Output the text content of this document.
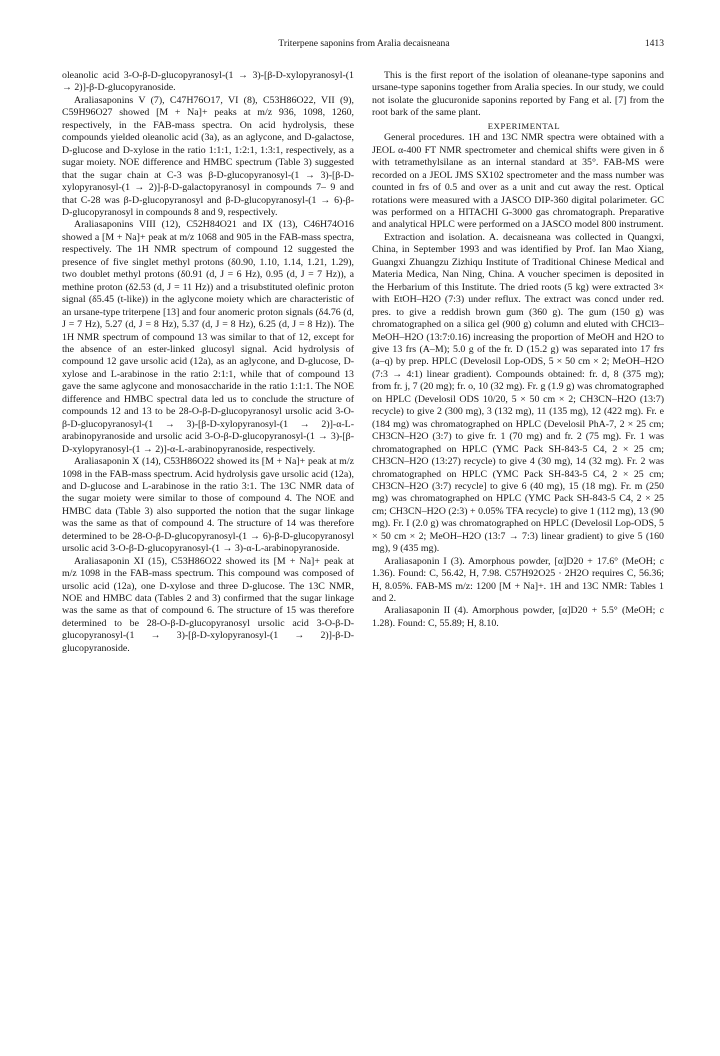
Triterpene saponins from Aralia decaisneana	1413

oleanolic acid 3-O-β-D-glucopyranosyl-(1 → 3)-[β-D-xylopyranosyl-(1 → 2)]-β-D-glucopyranoside.

Araliasaponins V (7), C47H76O17, VI (8), C53H86O22, VII (9), C59H96O27 showed [M + Na]+ peaks at m/z 936, 1098, 1260, respectively, in the FAB-mass spectra. On acid hydrolysis, these compounds yielded oleanolic acid (3a), as an aglycone, and D-galactose, D-glucose and D-xylose in the ratio 1:1:1, 1:2:1, 1:3:1, respectively, as a sugar moiety. NOE difference and HMBC spectrum (Table 3) suggested that the sugar chain at C-3 was β-D-glucopyranosyl-(1 → 3)-[β-D-xylopyranosyl-(1 → 2)]-β-D-galactopyranosyl in compounds 7– 9 and that C-28 was β-D-glucopyranosyl and β-D-glucopyranosyl-(1 → 6)-β-D-glucopyranosyl in compounds 8 and 9, respectively.

Araliasaponins VIII (12), C52H84O21 and IX (13), C46H74O16 showed a [M + Na]+ peak at m/z 1068 and 905 in the FAB-mass spectra, respectively. The 1H NMR spectrum of compound 12 suggested the presence of five singlet methyl protons (δ0.90, 1.10, 1.14, 1.21, 1.29), two doublet methyl protons (δ0.91 (d, J = 6 Hz), 0.95 (d, J = 7 Hz)), a methine proton (δ2.53 (d, J = 11 Hz)) and a trisubstituted olefinic proton signal (δ5.45 (t-like)) in the aglycone moiety which are characteristic of an ursane-type triterpene [13] and four anomeric proton signals (δ4.76 (d, J = 7 Hz), 5.27 (d, J = 8 Hz), 5.37 (d, J = 8 Hz), 6.25 (d, J = 8 Hz)). The 1H NMR spectrum of compound 13 was similar to that of 12, except for the absence of an ester-linked glucosyl signal. Acid hydrolysis of compound 12 gave ursolic acid (12a), as an aglycone, and D-glucose, D-xylose and L-arabinose in the ratio 2:1:1, while that of compound 13 gave the same aglycone and monosaccharide in the ratio 1:1:1. The NOE difference and HMBC spectral data led us to conclude the structure of compounds 12 and 13 to be 28-O-β-D-glucopyranosyl ursolic acid 3-O-β-D-glucopyranosyl-(1 → 3)-[β-D-xylopyranosyl-(1 → 2)]-α-L-arabinopyranoside and ursolic acid 3-O-β-D-glucopyranosyl-(1 → 3)-[β-D-xylopyranosyl-(1 → 2)]-α-L-arabinopyranoside, respectively.

Araliasaponin X (14), C53H86O22 showed its [M + Na]+ peak at m/z 1098 in the FAB-mass spectrum. Acid hydrolysis gave ursolic acid (12a), and D-glucose and L-arabinose in the ratio 3:1. The 13C NMR data of the sugar moiety were similar to those of compound 4. The NOE and HMBC data (Table 3) also supported the notion that the sugar linkage was the same as that of compound 4. The structure of 14 was therefore determined to be 28-O-β-D-glucopyranosyl-(1 → 6)-β-D-glucopyranosyl ursolic acid 3-O-β-D-glucopyranosyl-(1 → 3)-α-L-arabinopyranoside.

Araliasaponin XI (15), C53H86O22 showed its [M + Na]+ peak at m/z 1098 in the FAB-mass spectrum. This compound was composed of ursolic acid (12a), one D-xylose and three D-glucose. The 13C NMR, NOE and HMBC data (Tables 2 and 3) confirmed that the sugar linkage was the same as that of compound 6. The structure of 15 was therefore determined to be 28-O-β-D-glucopyranosyl ursolic acid 3-O-β-D-glucopyranosyl-(1 → 3)-[β-D-xylopyranosyl-(1 → 2)]-β-D-glucopyranoside.

This is the first report of the isolation of oleanane-type saponins and ursane-type saponins together from Aralia species. In our study, we could not isolate the glucuronide saponins reported by Fang et al. [7] from the root bark of the same plant.

EXPERIMENTAL

General procedures. 1H and 13C NMR spectra were obtained with a JEOL α-400 FT NMR spectrometer and chemical shifts were given in δ with tetramethylsilane as an internal standard at 35°. FAB-MS were recorded on a JEOL JMS SX102 spectrometer and the mass number was counted in frs of 0.5 and over as a unit and cut away the rest. Optical rotations were measured with a JASCO DIP-360 digital polarimeter. GC was performed on a HITACHI G-3000 gas chromatograph. Preparative and analytical HPLC were performed on a JASCO model 800 instrument.

Extraction and isolation. A. decaisneana was collected in Quangxi, China, in September 1993 and was identified by Prof. Ian Mao Xiang, Guangxi Zhuangzu Zizhiqu Institute of Traditional Chinese Medical and Materia Medica, Nan Ning, China. A voucher specimen is deposited in the Herbarium of this Institute. The dried roots (5 kg) were extracted 3× with EtOH–H2O (7:3) under reflux. The extract was concd under red. pres. to give a reddish brown gum (360 g). The gum (150 g) was chromatographed on a silica gel (900 g) column and eluted with CHCl3–MeOH–H2O (13:7:0.16) increasing the proportion of MeOH and H2O to give 13 frs (A–M); 5.0 g of the fr. D (15.2 g) was separated into 17 frs (a–q) by prep. HPLC (Develosil Lop-ODS, 5 × 50 cm × 2; MeOH–H2O (7:3 → 4:1) linear gradient). Compounds obtained: fr. d, 8 (375 mg); from fr. j, 7 (20 mg); fr. o, 10 (32 mg). Fr. g (1.9 g) was chromatographed on HPLC (Develosil ODS 10/20, 5 × 50 cm × 2; CH3CN–H2O (13:7) recycle) to give 2 (300 mg), 3 (132 mg), 11 (135 mg), 12 (422 mg). Fr. e (184 mg) was chromatographed on HPLC (Develosil PhA-7, 2 × 25 cm; CH3CN–H2O (3:7) to give fr. 1 (70 mg) and fr. 2 (75 mg). Fr. 1 was chromatographed on HPLC (YMC Pack SH-843-5 C4, 2 × 25 cm; CH3CN–H2O (13:27) recycle) to give 4 (30 mg), 14 (32 mg). Fr. 2 was chromatographed on HPLC (YMC Pack SH-843-5 C4, 2 × 25 cm; CH3CN–H2O (3:7) recycle] to give 6 (40 mg), 15 (18 mg). Fr. m (250 mg) was chromatographed on HPLC (YMC Pack SH-843-5 C4, 2 × 25 cm; CH3CN–H2O (2:3) + 0.05% TFA recycle) to give 1 (112 mg), 13 (90 mg). Fr. I (2.0 g) was chromatographed on HPLC (Develosil Lop-ODS, 5 × 50 cm × 2; MeOH–H2O (13:7 → 7:3) linear gradient) to give 5 (160 mg), 9 (435 mg).

Araliasaponin I (3). Amorphous powder, [α]D20 + 17.6° (MeOH; c 1.36). Found: C, 56.42, H, 7.98. C57H92O25 · 2H2O requires C, 56.36; H, 8.05%. FAB-MS m/z: 1200 [M + Na]+. 1H and 13C NMR: Tables 1 and 2.

Araliasaponin II (4). Amorphous powder, [α]D20 + 5.5° (MeOH; c 1.28). Found: C, 55.89; H, 8.10.
